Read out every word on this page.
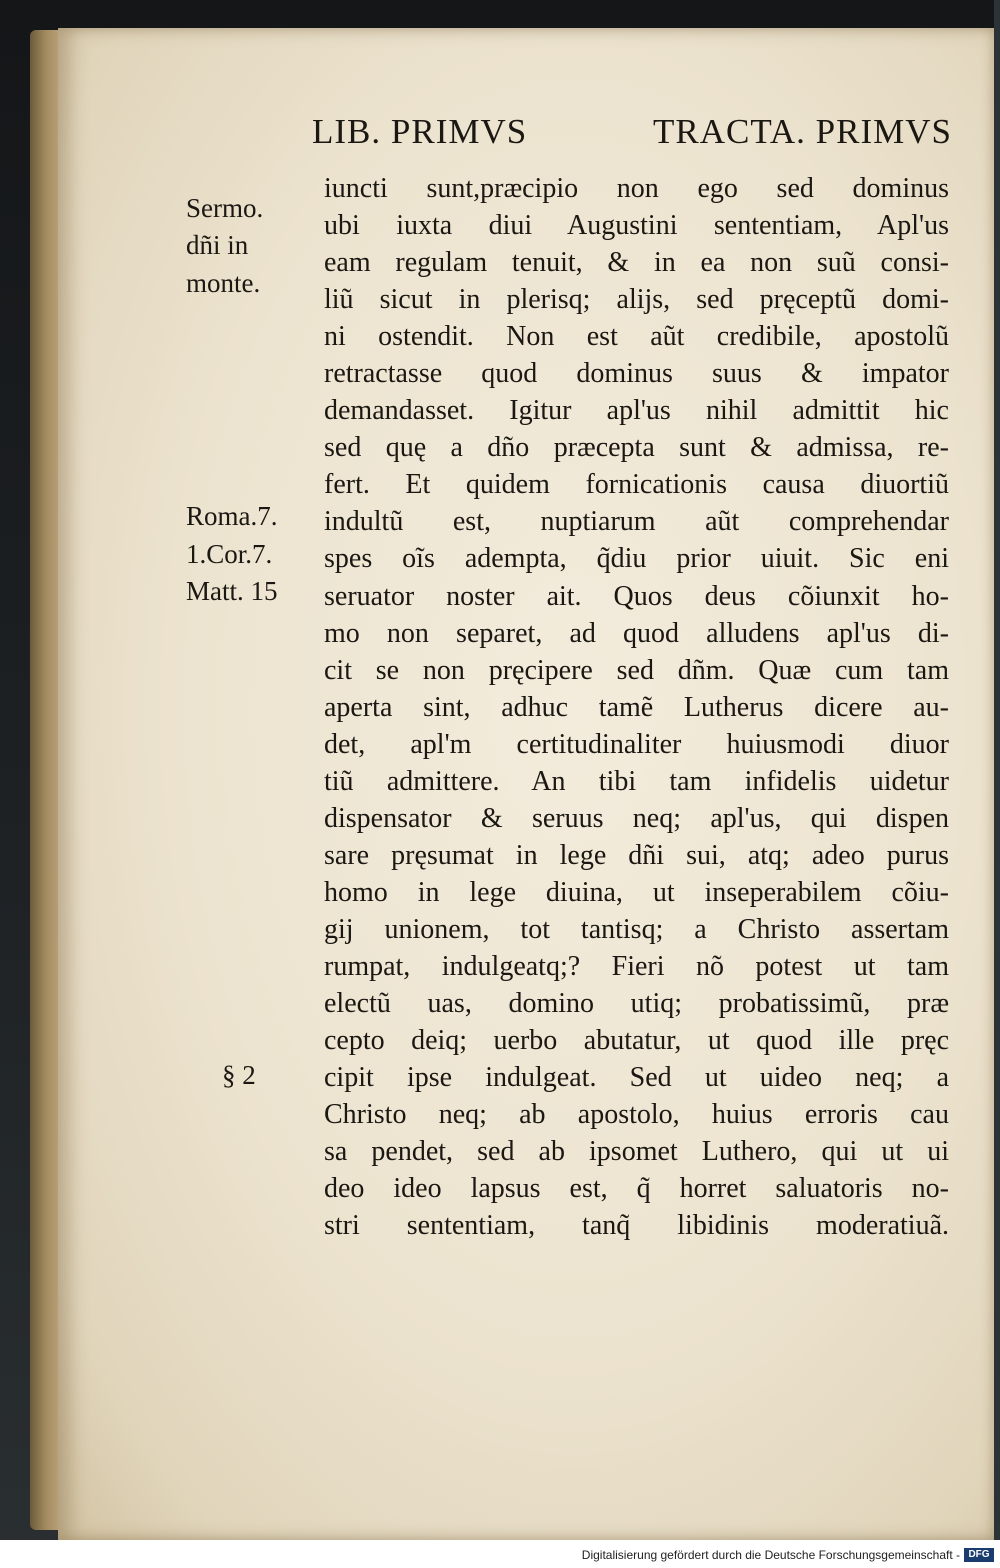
LIB. PRIMVS	TRACTA. PRIMVS
Sermo.
dñi in
monte.
Roma.7.
1.Cor.7.
Matt. 15
§ 2
iuncti sunt,præcipio non ego sed dominus
ubi iuxta diui Augustini sententiam, Apl'us
eam regulam tenuit, & in ea non suũ consi-
liũ sicut in plerisq; alijs, sed pręceptũ domi-
ni ostendit. Non est aũt credibile, apostolũ
retractasse quod dominus suus & impator
demandasset. Igitur apl'us nihil admittit hic
sed quę a dño præcepta sunt & admissa, re-
fert. Et quidem fornicationis causa diuortiũ
indultũ est, nuptiarum aũt comprehendar
spes oĩs adempta, q̃diu prior uiuit. Sic eni
seruator noster ait. Quos deus cõiunxit ho-
mo non separet, ad quod alludens apl'us di-
cit se non pręcipere sed dñm. Quæ cum tam
aperta sint, adhuc tamẽ Lutherus dicere au-
det, apl'm certitudinaliter huiusmodi diuor
tiũ admittere. An tibi tam infidelis uidetur
dispensator & seruus neq; apl'us, qui dispen
sare pręsumat in lege dñi sui, atq; adeo purus
homo in lege diuina, ut inseperabilem cõiu-
gij unionem, tot tantisq; a Christo assertam
rumpat, indulgeatq;? Fieri nõ potest ut tam
electũ uas, domino utiq; probatissimũ, præ
cepto deiq; uerbo abutatur, ut quod ille pręc
cipit ipse indulgeat. Sed ut uideo neq; a
Christo neq; ab apostolo, huius erroris cau
sa pendet, sed ab ipsomet Luthero, qui ut ui
deo ideo lapsus est, q̃ horret saluatoris no-
stri sententiam, tanq̃ libidinis moderatiuã.
Digitalisierung gefördert durch die Deutsche Forschungsgemeinschaft - DFG
